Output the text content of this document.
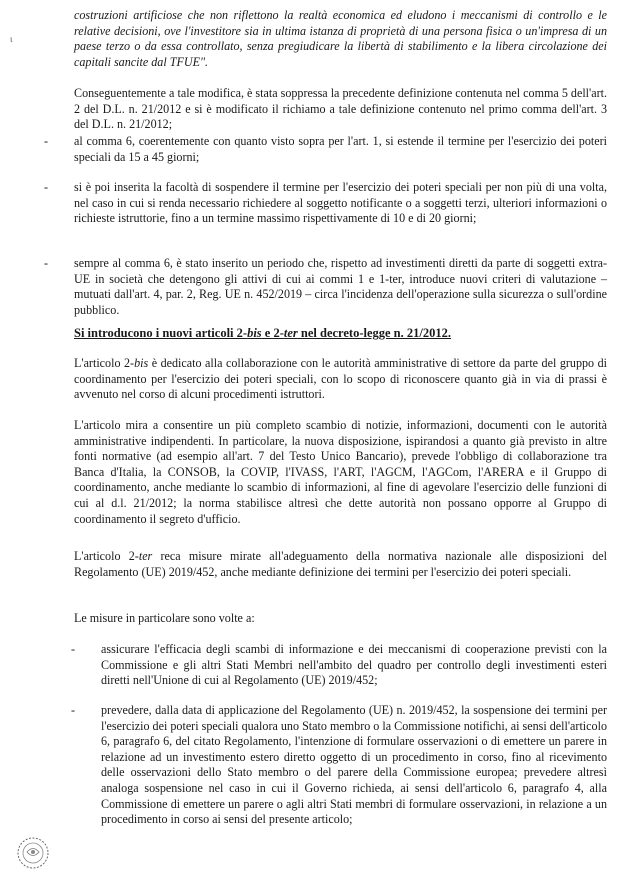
ɩ

costruzioni artificiose che non riflettono la realtà economica ed eludono i meccanismi di controllo e le relative decisioni, ove l'investitore sia in ultima istanza di proprietà di una persona fisica o un'impresa di un paese terzo o da essa controllato, senza pregiudicare la libertà di stabilimento e la libera circolazione dei capitali sancite dal TFUE".

Conseguentemente a tale modifica, è stata soppressa la precedente definizione contenuta nel comma 5 dell'art. 2 del D.L. n. 21/2012 e si è modificato il richiamo a tale definizione contenuto nel primo comma dell'art. 3 del D.L. n. 21/2012;

- al comma 6, coerentemente con quanto visto sopra per l'art. 1, si estende il termine per l'esercizio dei poteri speciali da 15 a 45 giorni;

- si è poi inserita la facoltà di sospendere il termine per l'esercizio dei poteri speciali per non più di una volta, nel caso in cui si renda necessario richiedere al soggetto notificante o a soggetti terzi, ulteriori informazioni o richieste istruttorie, fino a un termine massimo rispettivamente di 10 e di 20 giorni;

- sempre al comma 6, è stato inserito un periodo che, rispetto ad investimenti diretti da parte di soggetti extra-UE in società che detengono gli attivi di cui ai commi 1 e 1-ter, introduce nuovi criteri di valutazione – mutuati dall'art. 4, par. 2, Reg. UE n. 452/2019 – circa l'incidenza dell'operazione sulla sicurezza o sull'ordine pubblico.

Si introducono i nuovi articoli 2-bis e 2-ter nel decreto-legge n. 21/2012.

L'articolo 2-bis è dedicato alla collaborazione con le autorità amministrative di settore da parte del gruppo di coordinamento per l'esercizio dei poteri speciali, con lo scopo di riconoscere quanto già in via di prassi è avvenuto nel corso di alcuni procedimenti istruttori.

L'articolo mira a consentire un più completo scambio di notizie, informazioni, documenti con le autorità amministrative indipendenti. In particolare, la nuova disposizione, ispirandosi a quanto già previsto in altre fonti normative (ad esempio all'art. 7 del Testo Unico Bancario), prevede l'obbligo di collaborazione tra Banca d'Italia, la CONSOB, la COVIP, l'IVASS, l'ART, l'AGCM, l'AGCom, l'ARERA e il Gruppo di coordinamento, anche mediante lo scambio di informazioni, al fine di agevolare l'esercizio delle funzioni di cui al d.l. 21/2012; la norma stabilisce altresì che dette autorità non possano opporre al Gruppo di coordinamento il segreto d'ufficio.

L'articolo 2-ter reca misure mirate all'adeguamento della normativa nazionale alle disposizioni del Regolamento (UE) 2019/452, anche mediante definizione dei termini per l'esercizio dei poteri speciali.

Le misure in particolare sono volte a:

- assicurare l'efficacia degli scambi di informazione e dei meccanismi di cooperazione previsti con la Commissione e gli altri Stati Membri nell'ambito del quadro per controllo degli investimenti esteri diretti nell'Unione di cui al Regolamento (UE) 2019/452;

- prevedere, dalla data di applicazione del Regolamento (UE) n. 2019/452, la sospensione dei termini per l'esercizio dei poteri speciali qualora uno Stato membro o la Commissione notifichi, ai sensi dell'articolo 6, paragrafo 6, del citato Regolamento, l'intenzione di formulare osservazioni o di emettere un parere in relazione ad un investimento estero diretto oggetto di un procedimento in corso, fino al ricevimento delle osservazioni dello Stato membro o del parere della Commissione europea; prevedere altresì analoga sospensione nel caso in cui il Governo richieda, ai sensi dell'articolo 6, paragrafo 4, alla Commissione di emettere un parere o agli altri Stati membri di formulare osservazioni, in relazione a un procedimento in corso ai sensi del presente articolo;
